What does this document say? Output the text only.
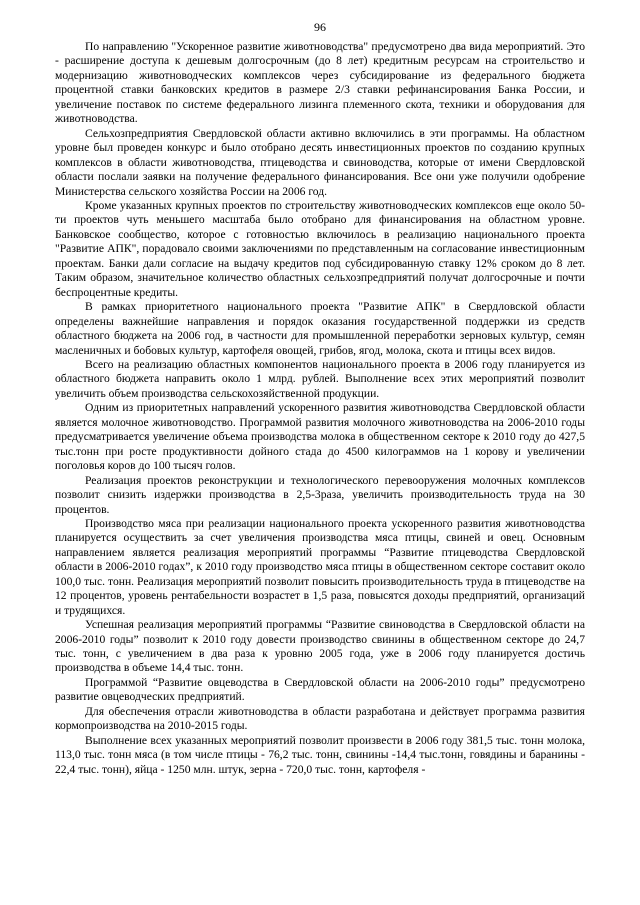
96

По направлению "Ускоренное развитие животноводства" предусмотрено два вида мероприятий. Это - расширение доступа к дешевым долгосрочным (до 8 лет) кредитным ресурсам на строительство и модернизацию животноводческих комплексов через субсидирование из федерального бюджета процентной ставки банковских кредитов в размере 2/3 ставки рефинансирования Банка России, и увеличение поставок по системе федерального лизинга племенного скота, техники и оборудования для животноводства.

Сельхозпредприятия Свердловской области активно включились в эти программы. На областном уровне был проведен конкурс и было отобрано десять инвестиционных проектов по созданию крупных комплексов в области животноводства, птицеводства и свиноводства, которые от имени Свердловской области послали заявки на получение федерального финансирования. Все они уже получили одобрение Министерства сельского хозяйства России на 2006 год.

Кроме указанных крупных проектов по строительству животноводческих комплексов еще около 50-ти проектов чуть меньшего масштаба было отобрано для финансирования на областном уровне. Банковское сообщество, которое с готовностью включилось в реализацию национального проекта "Развитие АПК", порадовало своими заключениями по представленным на согласование инвестиционным проектам. Банки дали согласие на выдачу кредитов под субсидированную ставку 12% сроком до 8 лет. Таким образом, значительное количество областных сельхозпредприятий получат долгосрочные и почти беспроцентные кредиты.

В рамках приоритетного национального проекта "Развитие АПК" в Свердловской области определены важнейшие направления и порядок оказания государственной поддержки из средств областного бюджета на 2006 год, в частности для промышленной переработки зерновых культур, семян масленичных и бобовых культур, картофеля овощей, грибов, ягод, молока, скота и птицы всех видов.

Всего на реализацию областных компонентов национального проекта в 2006 году планируется из областного бюджета направить около 1 млрд. рублей. Выполнение всех этих мероприятий позволит увеличить объем производства сельскохозяйственной продукции.

Одним из приоритетных направлений ускоренного развития животноводства Свердловской области является молочное животноводство. Программой развития молочного животноводства на 2006-2010 годы предусматривается увеличение объема производства молока в общественном секторе к 2010 году до 427,5 тыс.тонн при росте продуктивности дойного стада до 4500 килограммов на 1 корову и увеличении поголовья коров до 100 тысяч голов.

Реализация проектов реконструкции и технологического перевооружения молочных комплексов позволит снизить издержки производства в 2,5-3раза, увеличить производительность труда на 30 процентов.

Производство мяса при реализации национального проекта ускоренного развития животноводства планируется осуществить за счет увеличения производства мяса птицы, свиней и овец. Основным направлением является реализация мероприятий программы “Развитие птицеводства Свердловской области в 2006-2010 годах”, к 2010 году производство мяса птицы в общественном секторе составит около 100,0 тыс. тонн. Реализация мероприятий позволит повысить производительность труда в птицеводстве на 12 процентов, уровень рентабельности возрастет в 1,5 раза, повысятся доходы предприятий, организаций и трудящихся.

Успешная реализация мероприятий программы “Развитие свиноводства в Свердловской области на 2006-2010 годы” позволит к 2010 году довести производство свинины в общественном секторе до 24,7 тыс. тонн, с увеличением в два раза к уровню 2005 года, уже в 2006 году планируется достичь производства в объеме 14,4 тыс. тонн.

Программой “Развитие овцеводства в Свердловской области на 2006-2010 годы” предусмотрено развитие овцеводческих предприятий.

Для обеспечения отрасли животноводства в области разработана и действует программа развития кормопроизводства на 2010-2015 годы.

Выполнение всех указанных мероприятий позволит произвести в 2006 году 381,5 тыс. тонн молока, 113,0 тыс. тонн мяса (в том числе птицы - 76,2 тыс. тонн, свинины -14,4 тыс.тонн, говядины и баранины - 22,4 тыс. тонн), яйца - 1250 млн. штук, зерна - 720,0 тыс. тонн, картофеля -
